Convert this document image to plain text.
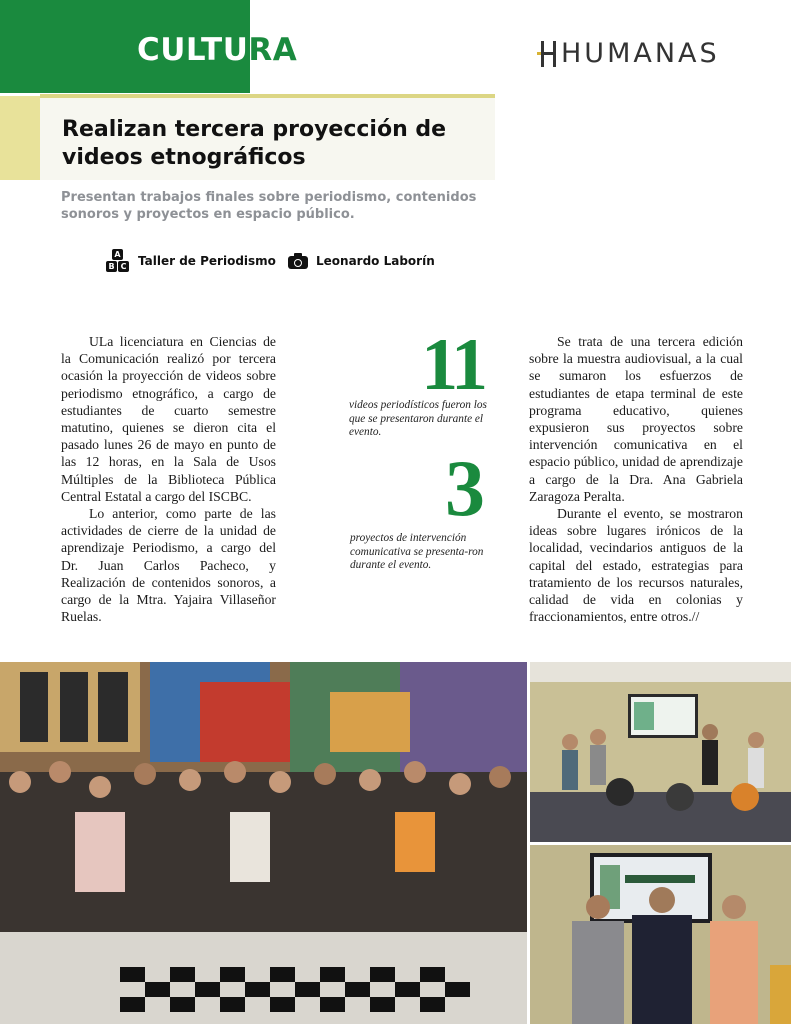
CULTURA	HUMANAS
Realizan tercera proyección de videos etnográficos

Presentan trabajos finales sobre periodismo, contenidos sonoros y proyectos en espacio público.

A
B C Taller de Periodismo	Leonardo Laborín

ULa licenciatura en Ciencias de la Comunicación realizó por tercera ocasión la proyección de videos sobre periodismo etnográfico, a cargo de estudiantes de cuarto semestre matutino, quienes se dieron cita el pasado lunes 26 de mayo en punto de las 12 horas, en la Sala de Usos Múltiples de la Biblioteca Pública Central Estatal a cargo del ISCBC.

Lo anterior, como parte de las actividades de cierre de la unidad de aprendizaje Periodismo, a cargo del Dr. Juan Carlos Pacheco, y Realización de contenidos sonoros, a cargo de la Mtra. Yajaira Villaseñor Ruelas.

11
videos periodísticos fueron los que se presentaron durante el evento.
3
proyectos de intervención comunicativa se presenta-ron durante el evento.

Se trata de una tercera edición sobre la muestra audiovisual, a la cual se sumaron los esfuerzos de estudiantes de etapa terminal de este programa educativo, quienes expusieron sus proyectos sobre intervención comunicativa en el espacio público, unidad de aprendizaje a cargo de la Dra. Ana Gabriela Zaragoza Peralta.

Durante el evento, se mostraron ideas sobre lugares irónicos de la localidad, vecindarios antiguos de la capital del estado, estrategias para tratamiento de los recursos naturales, calidad de vida en colonias y fraccionamientos, entre otros.//
